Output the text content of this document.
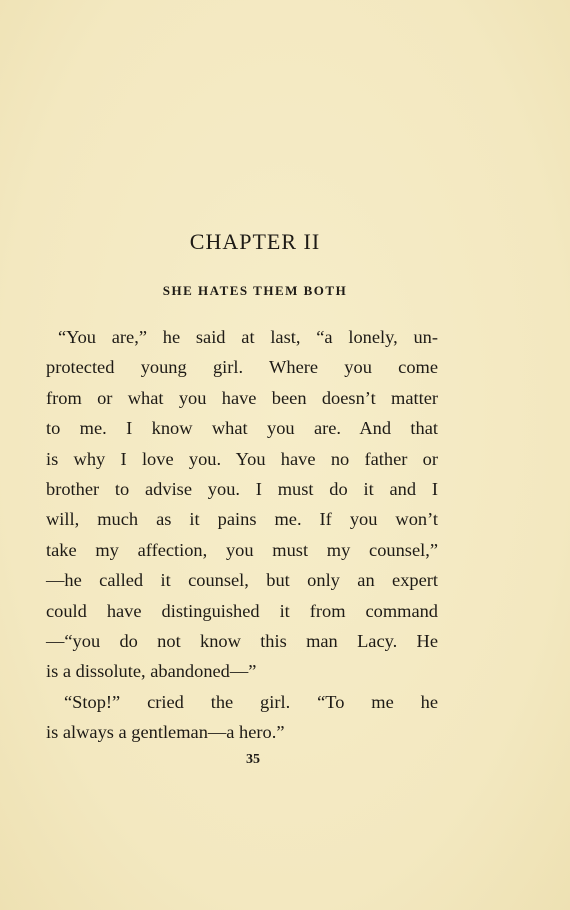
CHAPTER II
SHE HATES THEM BOTH
“You are,” he said at last, “a lonely, un-
protected young girl. Where you come
from or what you have been doesn’t matter
to me. I know what you are. And that
is why I love you. You have no father or
brother to advise you. I must do it and I
will, much as it pains me. If you won’t
take my affection, you must my counsel,”
—he called it counsel, but only an expert
could have distinguished it from command
—“you do not know this man Lacy. He
is a dissolute, abandoned—”
“Stop!” cried the girl. “To me he
is always a gentleman—a hero.”
35
